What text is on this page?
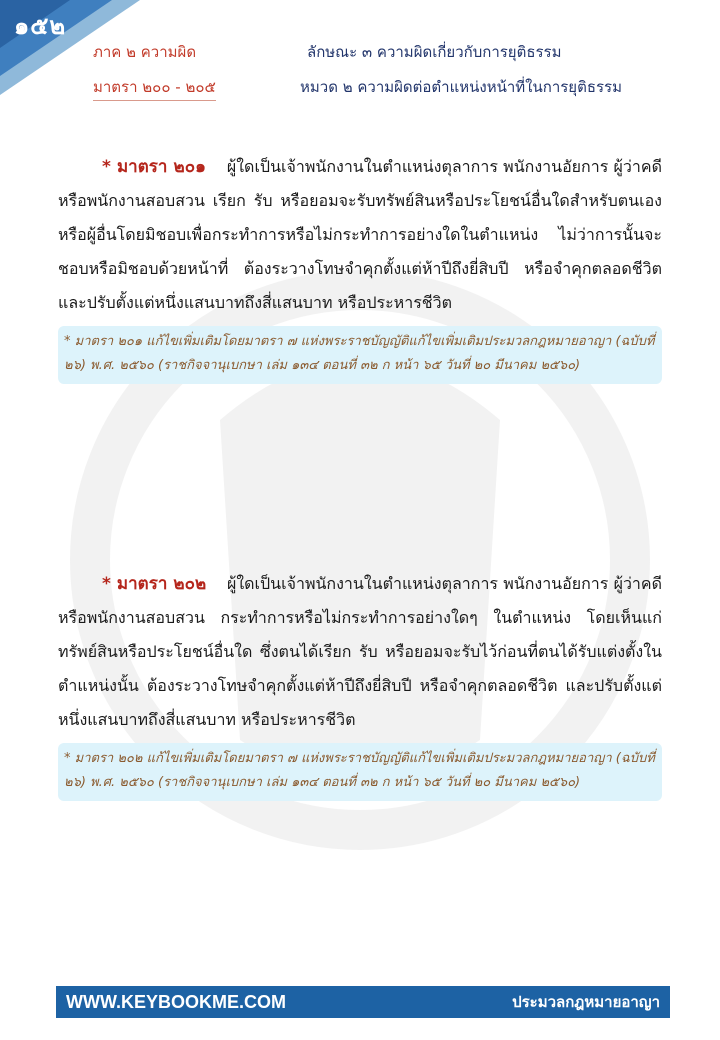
๑๕๒
ภาค ๒ ความผิด
มาตรา ๒๐๐ - ๒๐๕
ลักษณะ ๓ ความผิดเกี่ยวกับการยุติธรรม
หมวด ๒ ความผิดต่อตำแหน่งหน้าที่ในการยุติธรรม

* มาตรา ๒๐๑ ผู้ใดเป็นเจ้าพนักงานในตำแหน่งตุลาการ พนักงานอัยการ ผู้ว่าคดี หรือพนักงานสอบสวน เรียก รับ หรือยอมจะรับทรัพย์สินหรือประโยชน์อื่นใดสำหรับตนเองหรือผู้อื่นโดยมิชอบเพื่อกระทำการหรือไม่กระทำการอย่างใดในตำแหน่ง ไม่ว่าการนั้นจะชอบหรือมิชอบด้วยหน้าที่ ต้องระวางโทษจำคุกตั้งแต่ห้าปีถึงยี่สิบปี หรือจำคุกตลอดชีวิตและปรับตั้งแต่หนึ่งแสนบาทถึงสี่แสนบาท หรือประหารชีวิต

* มาตรา ๒๐๑ แก้ไขเพิ่มเติมโดยมาตรา ๗ แห่งพระราชบัญญัติแก้ไขเพิ่มเติมประมวลกฎหมายอาญา (ฉบับที่ ๒๖) พ.ศ. ๒๕๖๐ (ราชกิจจานุเบกษา เล่ม ๑๓๔ ตอนที่ ๓๒ ก หน้า ๖๕ วันที่ ๒๐ มีนาคม ๒๕๖๐)

* มาตรา ๒๐๒ ผู้ใดเป็นเจ้าพนักงานในตำแหน่งตุลาการ พนักงานอัยการ ผู้ว่าคดี หรือพนักงานสอบสวน กระทำการหรือไม่กระทำการอย่างใดๆ ในตำแหน่ง โดยเห็นแก่ทรัพย์สินหรือประโยชน์อื่นใด ซึ่งตนได้เรียก รับ หรือยอมจะรับไว้ก่อนที่ตนได้รับแต่งตั้งในตำแหน่งนั้น ต้องระวางโทษจำคุกตั้งแต่ห้าปีถึงยี่สิบปี หรือจำคุกตลอดชีวิต และปรับตั้งแต่หนึ่งแสนบาทถึงสี่แสนบาท หรือประหารชีวิต

* มาตรา ๒๐๒ แก้ไขเพิ่มเติมโดยมาตรา ๗ แห่งพระราชบัญญัติแก้ไขเพิ่มเติมประมวลกฎหมายอาญา (ฉบับที่ ๒๖) พ.ศ. ๒๕๖๐ (ราชกิจจานุเบกษา เล่ม ๑๓๔ ตอนที่ ๓๒ ก หน้า ๖๕ วันที่ ๒๐ มีนาคม ๒๕๖๐)
WWW.KEYBOOKME.COM	ประมวลกฎหมายอาญา
